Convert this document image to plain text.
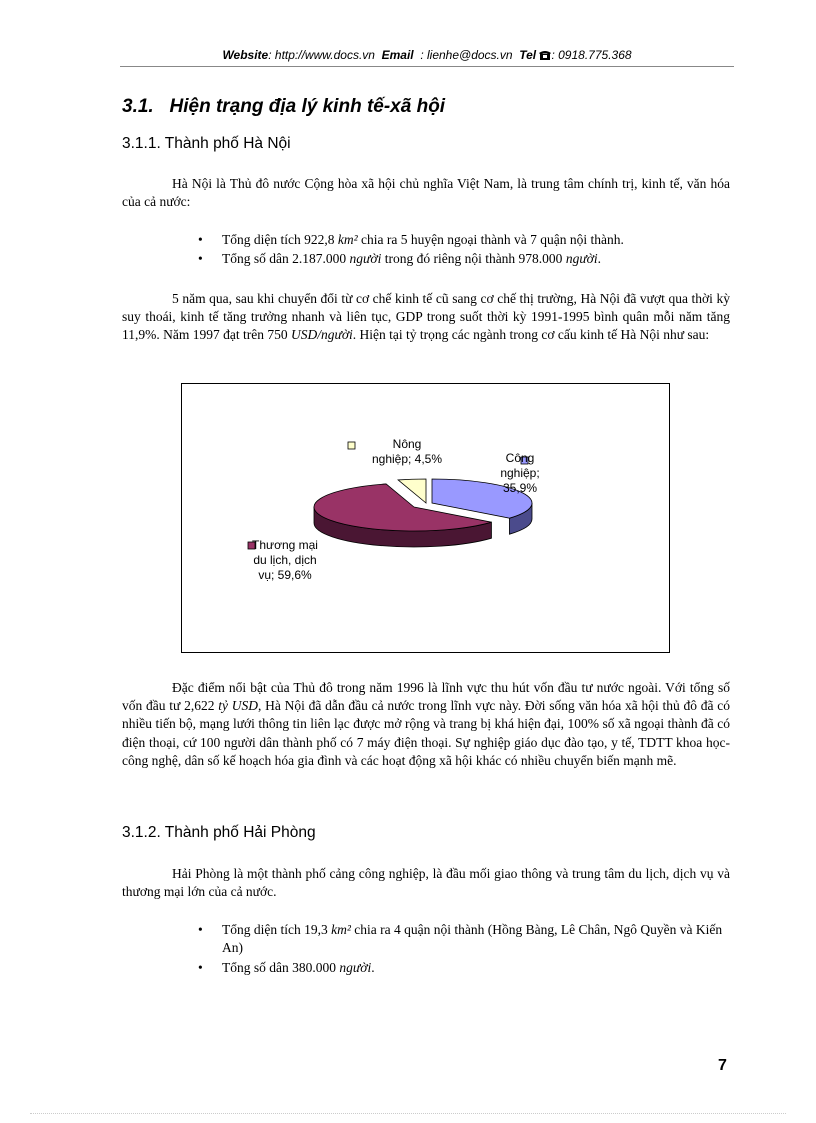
Website: http://www.docs.vn Email : lienhe@docs.vn Tel : 0918.775.368
3.1.   Hiện trạng địa lý kinh tế-xã hội
3.1.1. Thành phố Hà Nội

Hà Nội là Thủ đô nước Cộng hòa xã hội chủ nghĩa Việt Nam, là trung tâm chính trị, kinh tế, văn hóa của cả nước:

• Tổng diện tích 922,8 km² chia ra 5 huyện ngoại thành và 7 quận nội thành.
• Tổng số dân 2.187.000 người trong đó riêng nội thành 978.000 người.

5 năm qua, sau khi chuyển đổi từ cơ chế kinh tế cũ sang cơ chế thị trường, Hà Nội đã vượt qua thời kỳ suy thoái, kinh tế tăng trưởng nhanh và liên tục, GDP trong suốt thời kỳ 1991-1995 bình quân mỗi năm tăng 11,9%. Năm 1997 đạt trên 750 USD/người. Hiện tại tỷ trọng các ngành trong cơ cấu kinh tế Hà Nội như sau:

Công nghiệp; 35,9%
Thương mại du lịch, dịch vụ; 59,6%
Nông nghiệp; 4,5%

Đặc điểm nổi bật của Thủ đô trong năm 1996 là lĩnh vực thu hút vốn đầu tư nước ngoài. Với tổng số vốn đầu tư 2,622 tỷ USD, Hà Nội đã dẫn đầu cả nước trong lĩnh vực này. Đời sống văn hóa xã hội thủ đô đã có nhiều tiến bộ, mạng lưới thông tin liên lạc được mở rộng và trang bị khá hiện đại, 100% số xã ngoại thành đã có điện thoại, cứ 100 người dân thành phố có 7 máy điện thoại. Sự nghiệp giáo dục đào tạo, y tế, TDTT khoa học-công nghệ, dân số kế hoạch hóa gia đình và các hoạt động xã hội khác có nhiều chuyển biến mạnh mẽ.

3.1.2. Thành phố Hải Phòng

Hải Phòng là một thành phố cảng công nghiệp, là đầu mối giao thông và trung tâm du lịch, dịch vụ và thương mại lớn của cả nước.

• Tổng diện tích 19,3 km² chia ra 4 quận nội thành (Hồng Bàng, Lê Chân, Ngô Quyền và Kiến An)
• Tổng số dân 380.000 người.
7
